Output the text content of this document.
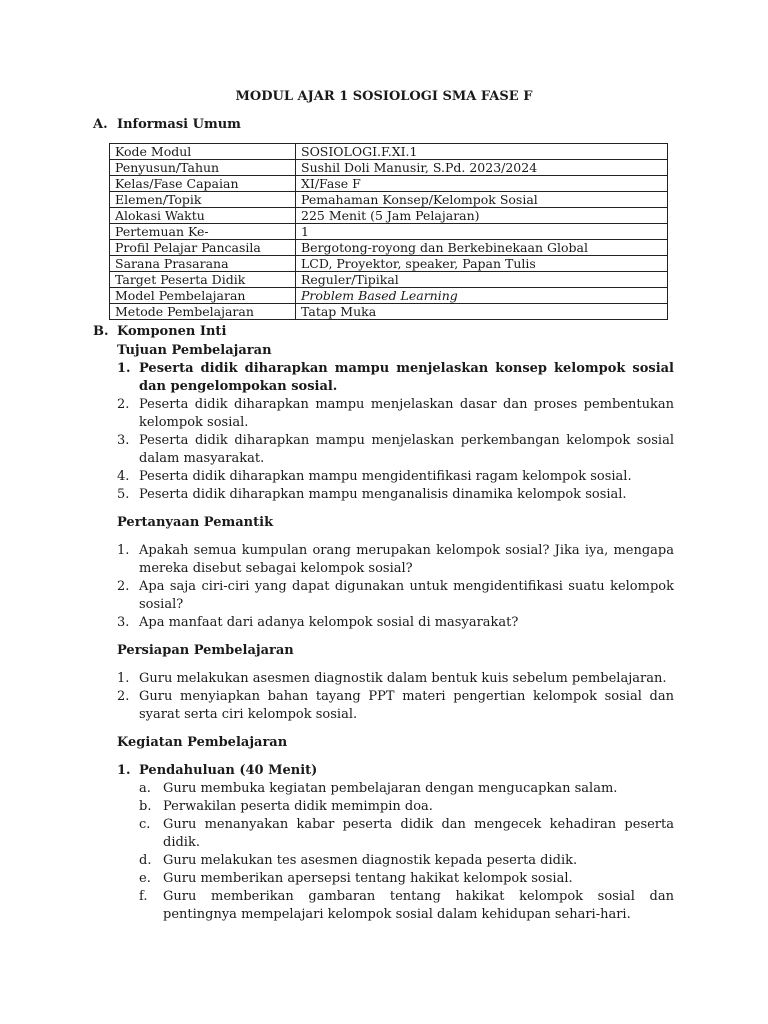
MODUL AJAR 1 SOSIOLOGI SMA FASE F
A. Informasi Umum
Kode Modul	SOSIOLOGI.F.XI.1
Penyusun/Tahun	Sushil Doli Manusir, S.Pd. 2023/2024
Kelas/Fase Capaian	XI/Fase F
Elemen/Topik	Pemahaman Konsep/Kelompok Sosial
Alokasi Waktu	225 Menit (5 Jam Pelajaran)
Pertemuan Ke-	1
Profil Pelajar Pancasila	Bergotong-royong dan Berkebinekaan Global
Sarana Prasarana	LCD, Proyektor, speaker, Papan Tulis
Target Peserta Didik	Reguler/Tipikal
Model Pembelajaran	Problem Based Learning
Metode Pembelajaran	Tatap Muka
B. Komponen Inti

Tujuan Pembelajaran

1. Peserta didik diharapkan mampu menjelaskan konsep kelompok sosial dan pengelompokan sosial.
2. Peserta didik diharapkan mampu menjelaskan dasar dan proses pembentukan kelompok sosial.
3. Peserta didik diharapkan mampu menjelaskan perkembangan kelompok sosial dalam masyarakat.
4. Peserta didik diharapkan mampu mengidentifikasi ragam kelompok sosial.
5. Peserta didik diharapkan mampu menganalisis dinamika kelompok sosial.

Pertanyaan Pemantik

1. Apakah semua kumpulan orang merupakan kelompok sosial? Jika iya, mengapa mereka disebut sebagai kelompok sosial?
2. Apa saja ciri-ciri yang dapat digunakan untuk mengidentifikasi suatu kelompok sosial?
3. Apa manfaat dari adanya kelompok sosial di masyarakat?

Persiapan Pembelajaran

1. Guru melakukan asesmen diagnostik dalam bentuk kuis sebelum pembelajaran.
2. Guru menyiapkan bahan tayang PPT materi pengertian kelompok sosial dan syarat serta ciri kelompok sosial.

Kegiatan Pembelajaran

1. Pendahuluan (40 Menit)
a. Guru membuka kegiatan pembelajaran dengan mengucapkan salam.
b. Perwakilan peserta didik memimpin doa.
c. Guru menanyakan kabar peserta didik dan mengecek kehadiran peserta didik.
d. Guru melakukan tes asesmen diagnostik kepada peserta didik.
e. Guru memberikan apersepsi tentang hakikat kelompok sosial.
f. Guru memberikan gambaran tentang hakikat kelompok sosial dan pentingnya mempelajari kelompok sosial dalam kehidupan sehari-hari.
